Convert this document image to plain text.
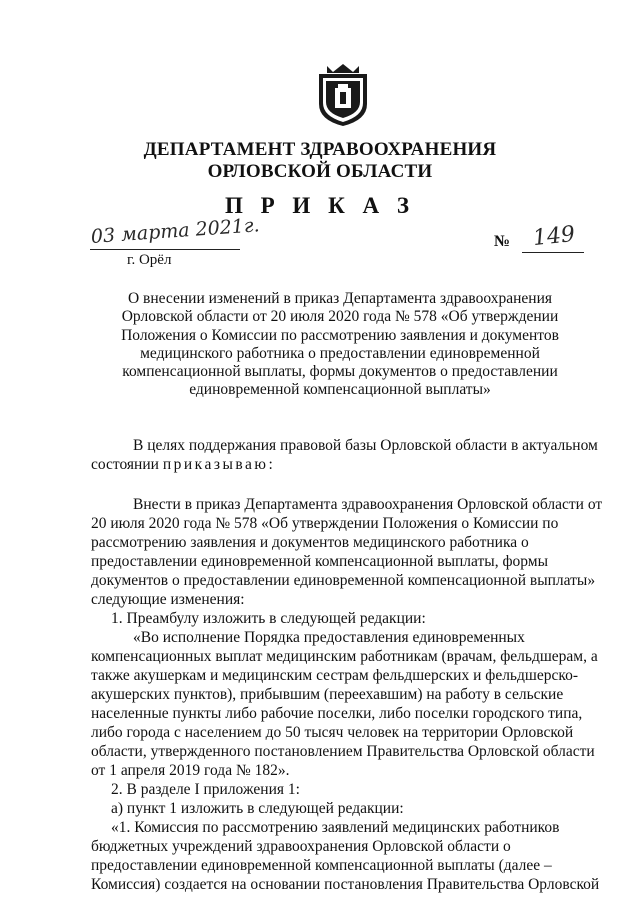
ДЕПАРТАМЕНТ ЗДРАВООХРАНЕНИЯ
ОРЛОВСКОЙ ОБЛАСТИ
П Р И К А З
03 марта 2021г.
г. Орёл
№ 149
О внесении изменений в приказ Департамента здравоохранения
Орловской области от 20 июля 2020 года № 578 «Об утверждении
Положения о Комиссии по рассмотрению заявления и документов
медицинского работника о предоставлении единовременной
компенсационной выплаты, формы документов о предоставлении
единовременной компенсационной выплаты»
В целях поддержания правовой базы Орловской области в актуальном
состоянии приказываю:
Внести в приказ Департамента здравоохранения Орловской области от
20 июля 2020 года № 578 «Об утверждении Положения о Комиссии по
рассмотрению заявления и документов медицинского работника о
предоставлении единовременной компенсационной выплаты, формы
документов о предоставлении единовременной компенсационной выплаты»
следующие изменения:
1. Преамбулу изложить в следующей редакции:
«Во исполнение Порядка предоставления единовременных
компенсационных выплат медицинским работникам (врачам, фельдшерам, а
также акушеркам и медицинским сестрам фельдшерских и фельдшерско-
акушерских пунктов), прибывшим (переехавшим) на работу в сельские
населенные пункты либо рабочие поселки, либо поселки городского типа,
либо города с населением до 50 тысяч человек на территории Орловской
области, утвержденного постановлением Правительства Орловской области
от 1 апреля 2019 года № 182».
2. В разделе I приложения 1:
а) пункт 1 изложить в следующей редакции:
«1. Комиссия по рассмотрению заявлений медицинских работников
бюджетных учреждений здравоохранения Орловской области о
предоставлении единовременной компенсационной выплаты (далее –
Комиссия) создается на основании постановления Правительства Орловской
